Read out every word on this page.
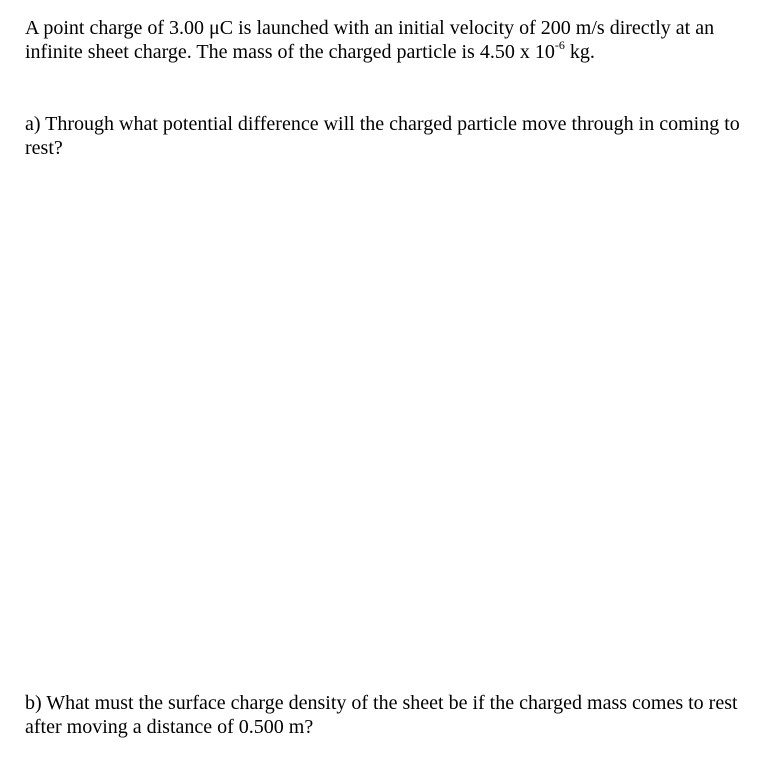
A point charge of 3.00 μC is launched with an initial velocity of 200 m/s directly at an infinite sheet charge. The mass of the charged particle is 4.50 x $10^{-6}$ kg.

a) Through what potential difference will the charged particle move through in coming to rest?

b) What must the surface charge density of the sheet be if the charged mass comes to rest after moving a distance of 0.500 m?
